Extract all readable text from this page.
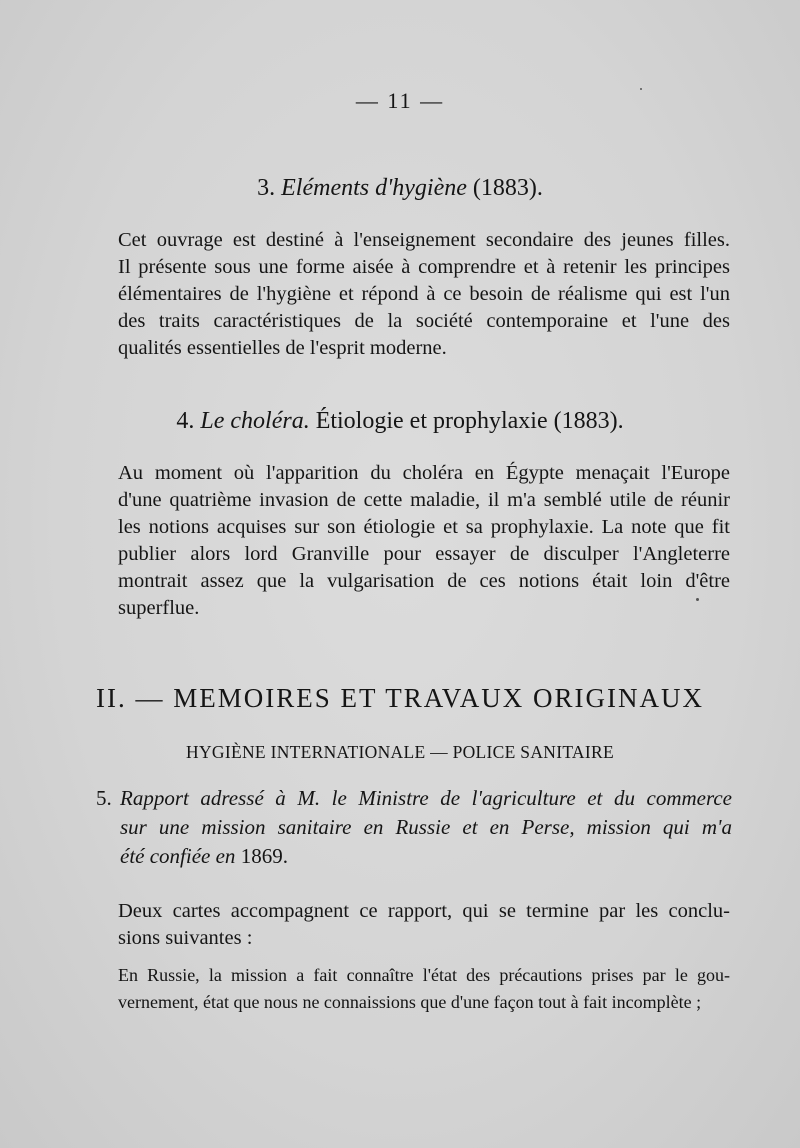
— 11 —
3. Eléments d'hygiène (1883).
Cet ouvrage est destiné à l'enseignement secondaire des jeunes filles.
Il présente sous une forme aisée à comprendre et à retenir les principes
élémentaires de l'hygiène et répond à ce besoin de réalisme qui est l'un
des traits caractéristiques de la société contemporaine et l'une des
qualités essentielles de l'esprit moderne.
4. Le choléra. Étiologie et prophylaxie (1883).
Au moment où l'apparition du choléra en Égypte menaçait l'Europe
d'une quatrième invasion de cette maladie, il m'a semblé utile de réunir
les notions acquises sur son étiologie et sa prophylaxie. La note que fit
publier alors lord Granville pour essayer de disculper l'Angleterre
montrait assez que la vulgarisation de ces notions était loin d'être
superflue.
II. — MEMOIRES ET TRAVAUX ORIGINAUX
HYGIÈNE INTERNATIONALE — POLICE SANITAIRE
5. Rapport adressé à M. le Ministre de l'agriculture et du commerce
sur une mission sanitaire en Russie et en Perse, mission qui m'a
été confiée en 1869.
Deux cartes accompagnent ce rapport, qui se termine par les conclu-
sions suivantes :
En Russie, la mission a fait connaître l'état des précautions prises par le gou-
vernement, état que nous ne connaissions que d'une façon tout à fait incomplète ;
